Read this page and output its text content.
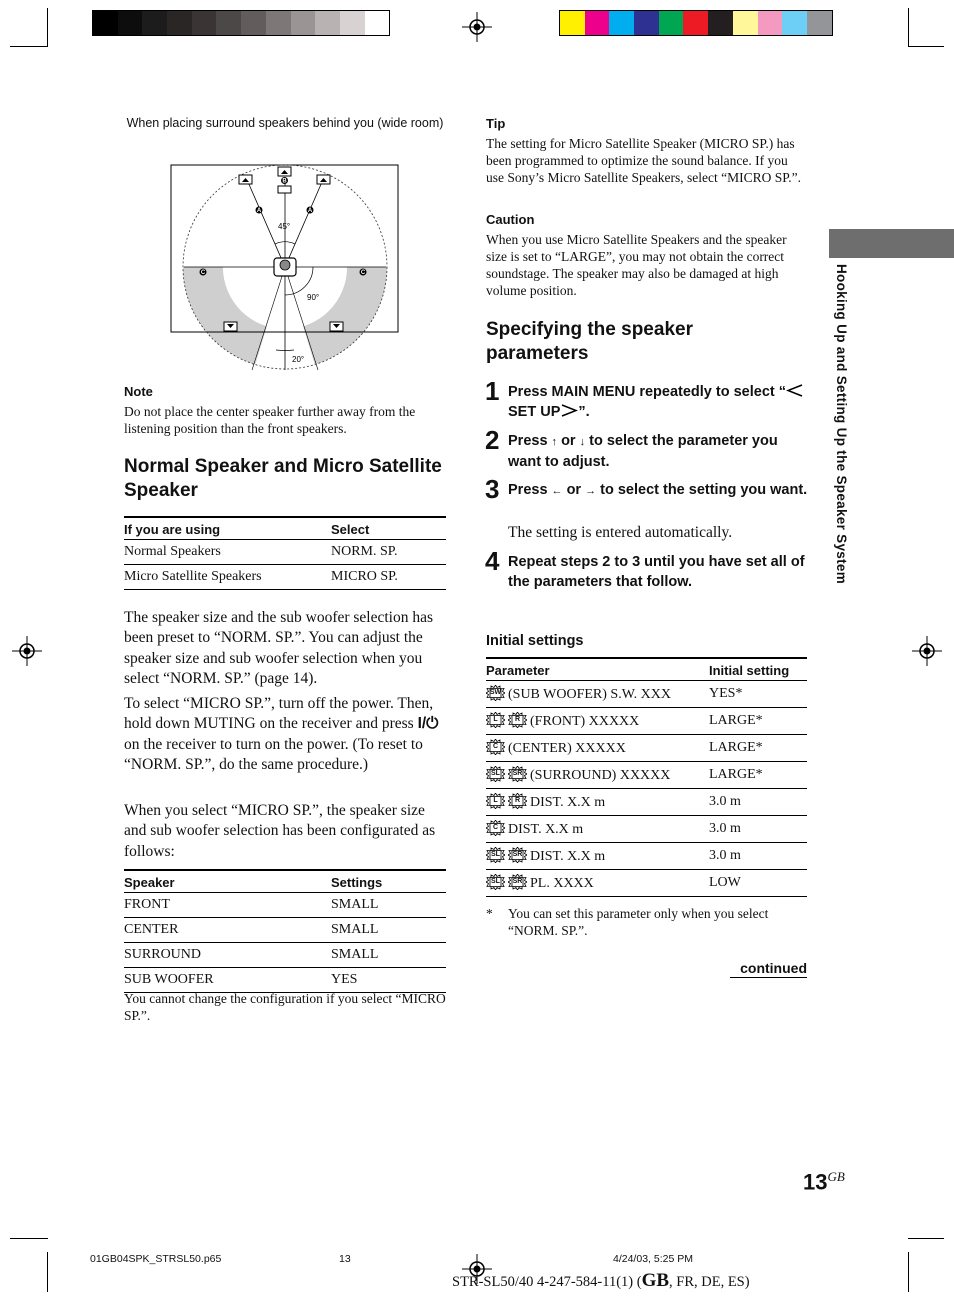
When placing surround speakers behind you (wide room)
B
A	A
C	C
45°
90°
20°
Note
Do not place the center speaker further away from the listening position than the front speakers.
Normal Speaker and Micro Satellite Speaker
If you are using	Select
Normal Speakers	NORM. SP.
Micro Satellite Speakers	MICRO SP.
The speaker size and the sub woofer selection has been preset to “NORM. SP.”. You can adjust the speaker size and sub woofer selection when you select “NORM. SP.” (page 14).
To select “MICRO SP.”, turn off the power. Then, hold down MUTING on the receiver and press I/⏻ on the receiver to turn on the power. (To reset to “NORM. SP.”, do the same procedure.)
When you select “MICRO SP.”, the speaker size and sub woofer selection has been configurated as follows:
Speaker	Settings
FRONT	SMALL
CENTER	SMALL
SURROUND	SMALL
SUB WOOFER	YES
You cannot change the configuration if you select “MICRO SP.”.
Tip
The setting for Micro Satellite Speaker (MICRO SP.) has been programmed to optimize the sound balance. If you use Sony’s Micro Satellite Speakers, select “MICRO SP.”.
Caution
When you use Micro Satellite Speakers and the speaker size is set to “LARGE”, you may not obtain the correct soundstage. The speaker may also be damaged at high volume position.
Specifying the speaker parameters
1 Press MAIN MENU repeatedly to select “SET UP ”.
2 Press ↑ or ↓ to select the parameter you want to adjust.
3 Press ← or → to select the setting you want.
The setting is entered automatically.
4 Repeat steps 2 to 3 until you have set all of the parameters that follow.
Initial settings
Parameter	Initial setting

SW (SUB WOOFER) S.W. XXX	YES*

L R (FRONT) XXXXX	LARGE*

C (CENTER) XXXXX	LARGE*

SL SR (SURROUND) XXXXX	LARGE*

L R DIST. X.X m	3.0 m

C DIST. X.X m	3.0 m

SL SR DIST. X.X m	3.0 m

SL SR PL. XXXX	LOW
* You can set this parameter only when you select “NORM. SP.”.
continued
Hooking Up and Setting Up the Speaker System
$13^{GB}$
01GB04SPK_STRSL50.p65	13	4/24/03, 5:25 PM
STR-SL50/40 4-247-584-11(1) (GB, FR, DE, ES)
